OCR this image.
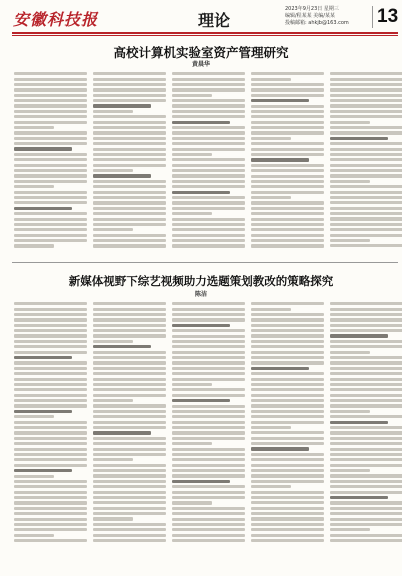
安徽科技报	理论
2023年9月23日 星期三
编辑/程某某 美编/某某
投稿邮箱: ahkjb@163.com	13
高校计算机实验室资产管理研究
黄晨华
新媒体视野下综艺视频助力选题策划教改的策略探究
陈洁
